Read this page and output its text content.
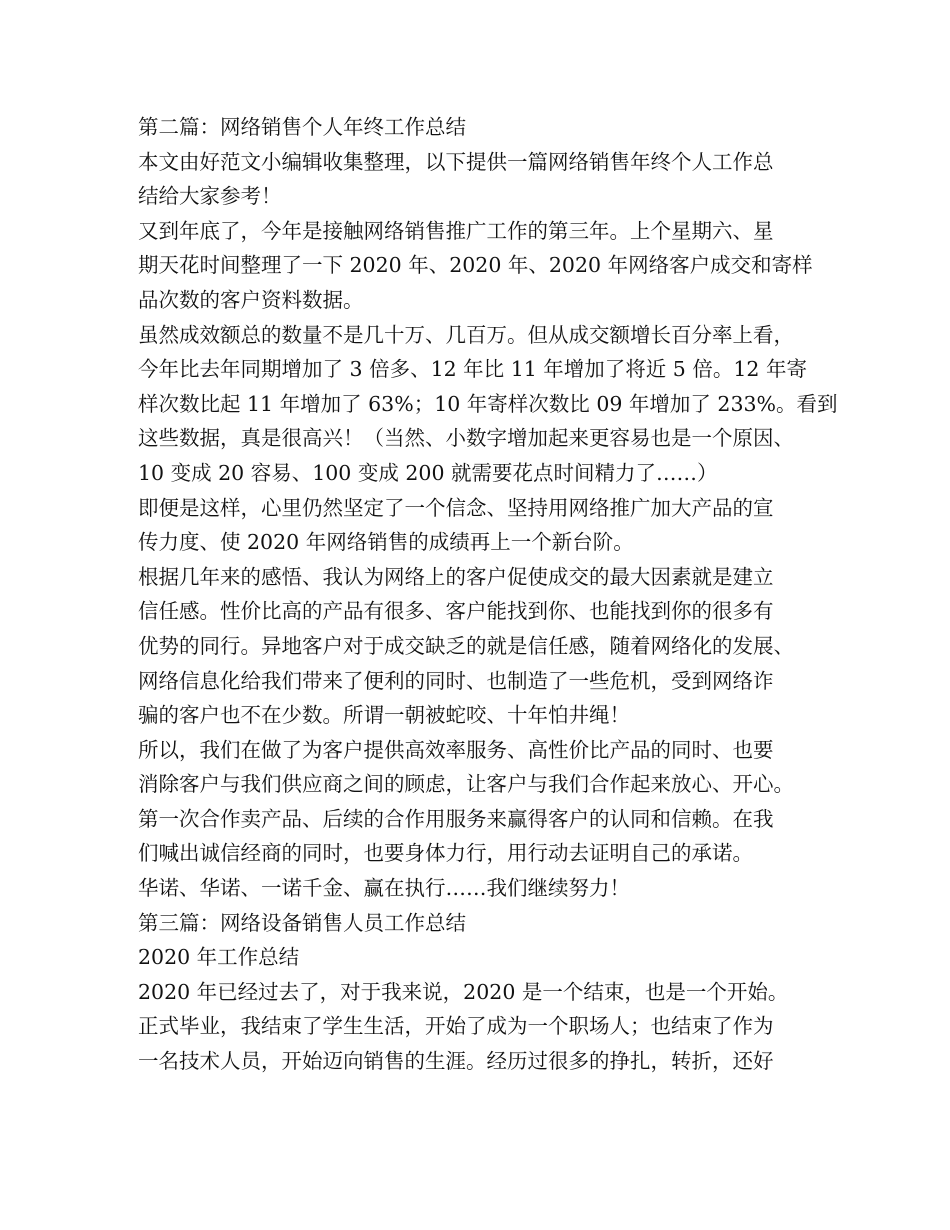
第二篇：网络销售个人年终工作总结

本文由好范文小编辑收集整理，以下提供一篇网络销售年终个人工作总

结给大家参考！

又到年底了，今年是接触网络销售推广工作的第三年。上个星期六、星

期天花时间整理了一下 2020 年、2020 年、2020 年网络客户成交和寄样

品次数的客户资料数据。

虽然成效额总的数量不是几十万、几百万。但从成交额增长百分率上看，

今年比去年同期增加了 3 倍多、12 年比 11 年增加了将近 5 倍。12 年寄

样次数比起 11 年增加了 63%；10 年寄样次数比 09 年增加了 233%。看到

这些数据，真是很高兴！（当然、小数字增加起来更容易也是一个原因、

10 变成 20 容易、100 变成 200 就需要花点时间精力了……）

即便是这样，心里仍然坚定了一个信念、坚持用网络推广加大产品的宣

传力度、使 2020 年网络销售的成绩再上一个新台阶。

根据几年来的感悟、我认为网络上的客户促使成交的最大因素就是建立

信任感。性价比高的产品有很多、客户能找到你、也能找到你的很多有

优势的同行。异地客户对于成交缺乏的就是信任感，随着网络化的发展、

网络信息化给我们带来了便利的同时、也制造了一些危机，受到网络诈

骗的客户也不在少数。所谓一朝被蛇咬、十年怕井绳！

所以，我们在做了为客户提供高效率服务、高性价比产品的同时、也要

消除客户与我们供应商之间的顾虑，让客户与我们合作起来放心、开心。

第一次合作卖产品、后续的合作用服务来赢得客户的认同和信赖。在我

们喊出诚信经商的同时，也要身体力行，用行动去证明自己的承诺。

华诺、华诺、一诺千金、赢在执行……我们继续努力！

第三篇：网络设备销售人员工作总结

2020 年工作总结

2020 年已经过去了，对于我来说，2020 是一个结束，也是一个开始。

正式毕业，我结束了学生生活，开始了成为一个职场人；也结束了作为

一名技术人员，开始迈向销售的生涯。经历过很多的挣扎，转折，还好
